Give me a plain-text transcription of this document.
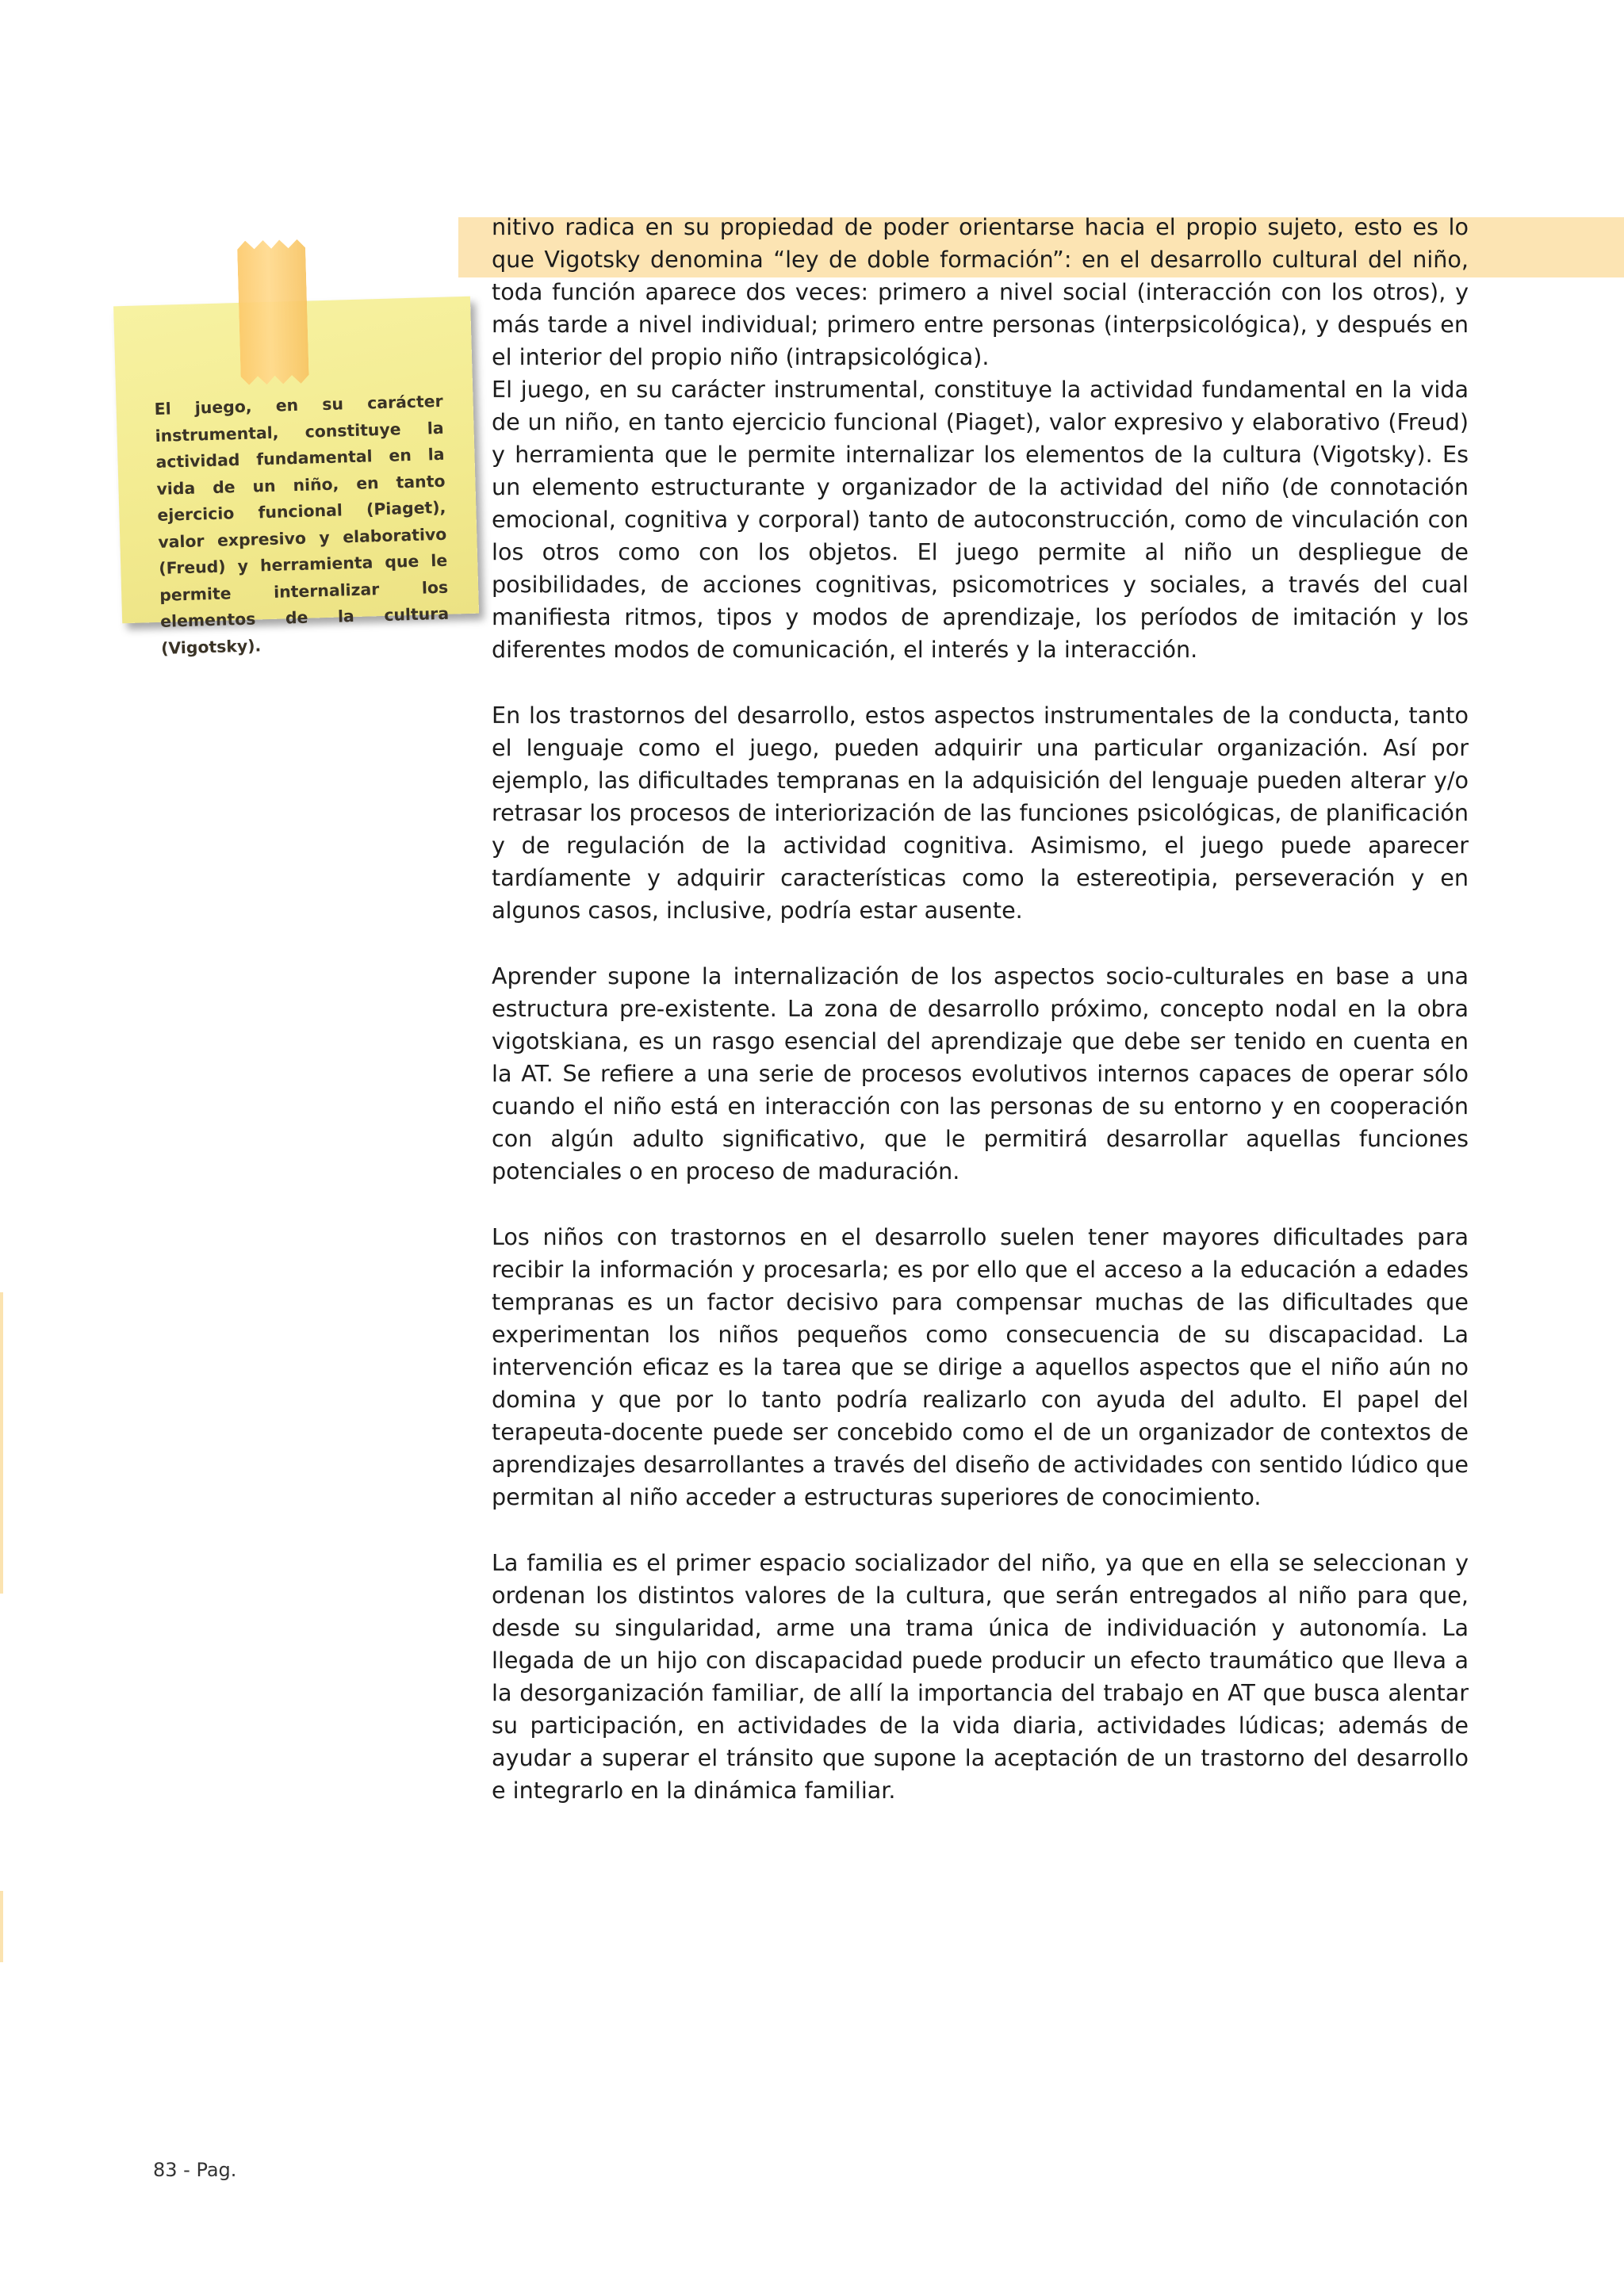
El juego, en su carácter instrumental, constituye la actividad fundamental en la vida de un niño, en tanto ejercicio funcional (Piaget), valor expresivo y elaborativo (Freud) y herramienta que le permite internalizar los elementos de la cultura (Vigotsky).

nitivo radica en su propiedad de poder orientarse hacia el propio sujeto, esto es lo que Vigotsky denomina “ley de doble formación”: en el desarrollo cultural del niño, toda función aparece dos veces: primero a nivel social (interacción con los otros), y más tarde a nivel individual; primero entre personas (interpsicológica), y después en el interior del propio niño (intrapsicológica).

El juego, en su carácter instrumental, constituye la actividad fundamental en la vida de un niño, en tanto ejercicio funcional (Piaget), valor expresivo y elaborativo (Freud) y herramienta que le permite internalizar los elementos de la cultura (Vigotsky). Es un elemento estructurante y organizador de la actividad del niño (de connotación emocional, cognitiva y corporal) tanto de autoconstrucción, como de vinculación con los otros como con los objetos. El juego permite al niño un despliegue de posibilidades, de acciones cognitivas, psicomotrices y sociales, a través del cual manifiesta ritmos, tipos y modos de aprendizaje, los períodos de imitación y los diferentes modos de comunicación, el interés y la interacción.

En los trastornos del desarrollo, estos aspectos instrumentales de la conducta, tanto el lenguaje como el juego, pueden adquirir una particular organización. Así por ejemplo, las dificultades tempranas en la adquisición del lenguaje pueden alterar y/o retrasar los procesos de interiorización de las funciones psicológicas, de planificación y de regulación de la actividad cognitiva. Asimismo, el juego puede aparecer tardíamente y adquirir características como la estereotipia, perseveración y en algunos casos, inclusive, podría estar ausente.

Aprender supone la internalización de los aspectos socio-culturales en base a una estructura pre-existente. La zona de desarrollo próximo, concepto nodal en la obra vigotskiana, es un rasgo esencial del aprendizaje que debe ser tenido en cuenta en la AT. Se refiere a una serie de procesos evolutivos internos capaces de operar sólo cuando el niño está en interacción con las personas de su entorno y en cooperación con algún adulto significativo, que le permitirá desarrollar aquellas funciones potenciales o en proceso de maduración.

Los niños con trastornos en el desarrollo suelen tener mayores dificultades para recibir la información y procesarla; es por ello que el acceso a la educación a edades tempranas es un factor decisivo para compensar muchas de las dificultades que experimentan los niños pequeños como consecuencia de su discapacidad. La intervención eficaz es la tarea que se dirige a aquellos aspectos que el niño aún no domina y que por lo tanto podría realizarlo con ayuda del adulto. El papel del terapeuta-docente puede ser concebido como el de un organizador de contextos de aprendizajes desarrollantes a través del diseño de actividades con sentido lúdico que permitan al niño acceder a estructuras superiores de conocimiento.

La familia es el primer espacio socializador del niño, ya que en ella se seleccionan y ordenan los distintos valores de la cultura, que serán entregados al niño para que, desde su singularidad, arme una trama única de individuación y autonomía. La llegada de un hijo con discapacidad puede producir un efecto traumático que lleva a la desorganización familiar, de allí la importancia del trabajo en AT que busca alentar su participación, en actividades de la vida diaria, actividades lúdicas; además de ayudar a superar el tránsito que supone la aceptación de un trastorno del desarrollo e integrarlo en la dinámica familiar.

83 - Pag.
